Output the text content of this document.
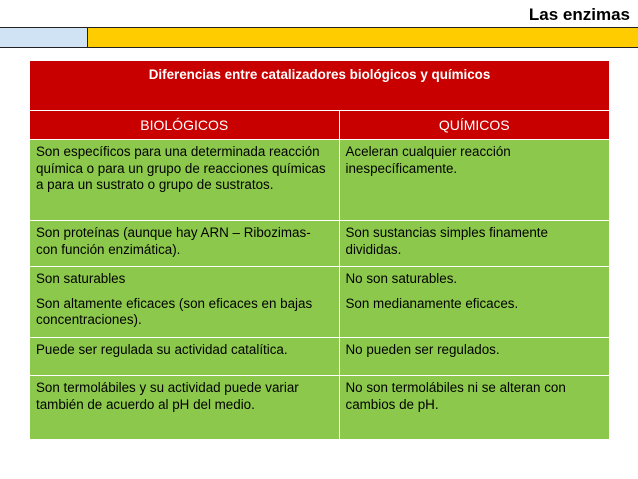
Las enzimas
Diferencias entre catalizadores biológicos y químicos	
BIOLÓGICOS	QUÍMICOS
Son específicos para una determinada reacción química o para un grupo de reacciones químicas a para un sustrato o grupo de sustratos.	Aceleran cualquier reacción inespecíficamente.
Son proteínas (aunque hay ARN – Ribozimas- con función enzimática).	Son sustancias simples finamente divididas.
Son saturables	No son saturables.
Son altamente eficaces (son eficaces en bajas concentraciones).	Son medianamente eficaces.
Puede ser regulada su actividad catalítica.	No pueden ser regulados.
Son termolábiles y su actividad puede variar también de acuerdo al pH del medio.	No son termolábiles ni se alteran con cambios de pH.
